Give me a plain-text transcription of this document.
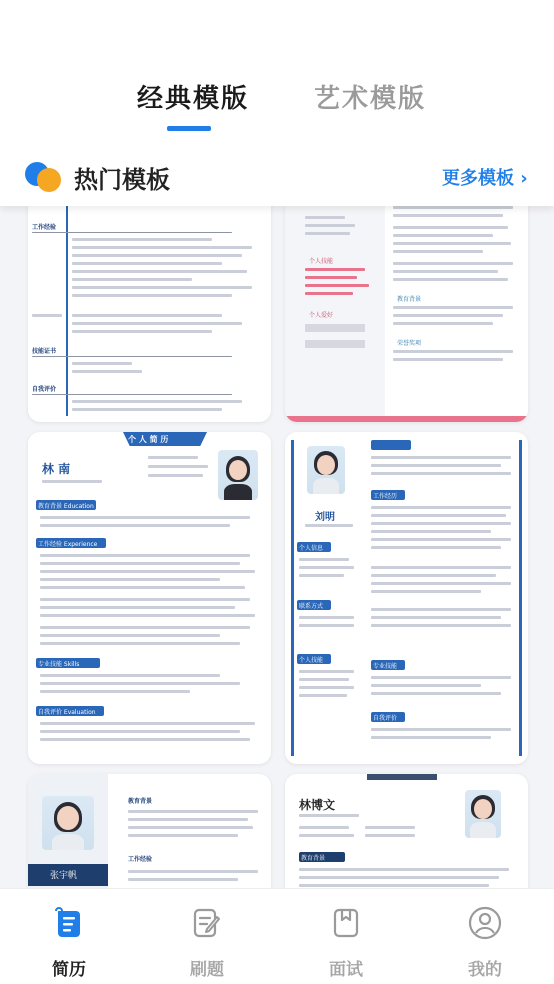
经典模版 艺术模版
热门模板	更多模板 ›
工作经验
技能证书
自我评价
个人技能
个人爱好
教育背景
荣誉奖项
个 人 简 历
林 南
教育背景 Education
工作经验 Experience
专业技能 Skills
自我评价 Evaluation
刘明
工作经历
个人信息
联系方式
个人技能
专业技能
自我评价
张宇帆
教育背景
工作经验
林博文
教育背景
简历	刷题	面试	我的
